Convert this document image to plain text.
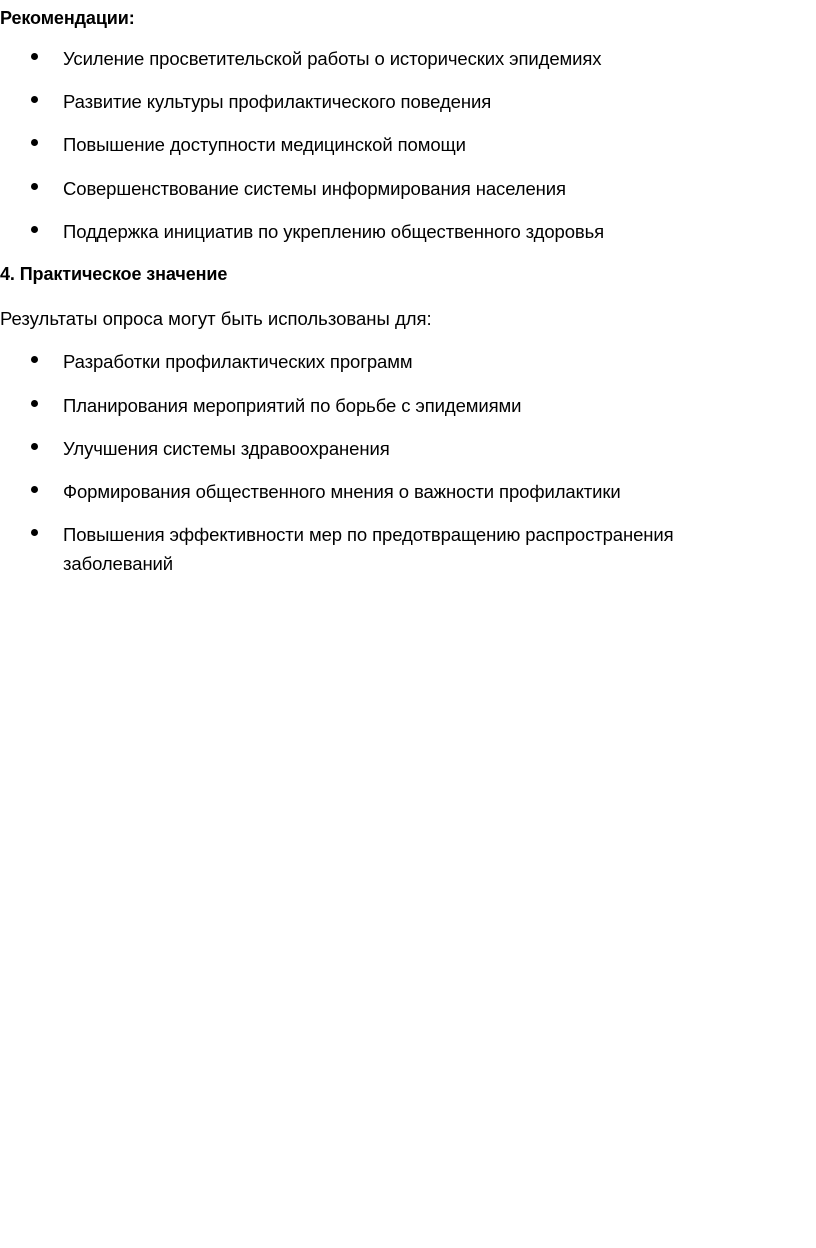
Рекомендации:
Усиление просветительской работы о исторических эпидемиях
Развитие культуры профилактического поведения
Повышение доступности медицинской помощи
Совершенствование системы информирования населения
Поддержка инициатив по укреплению общественного здоровья
4. Практическое значение
Результаты опроса могут быть использованы для:
Разработки профилактических программ
Планирования мероприятий по борьбе с эпидемиями
Улучшения системы здравоохранения
Формирования общественного мнения о важности профилактики
Повышения эффективности мер по предотвращению распространения заболеваний
